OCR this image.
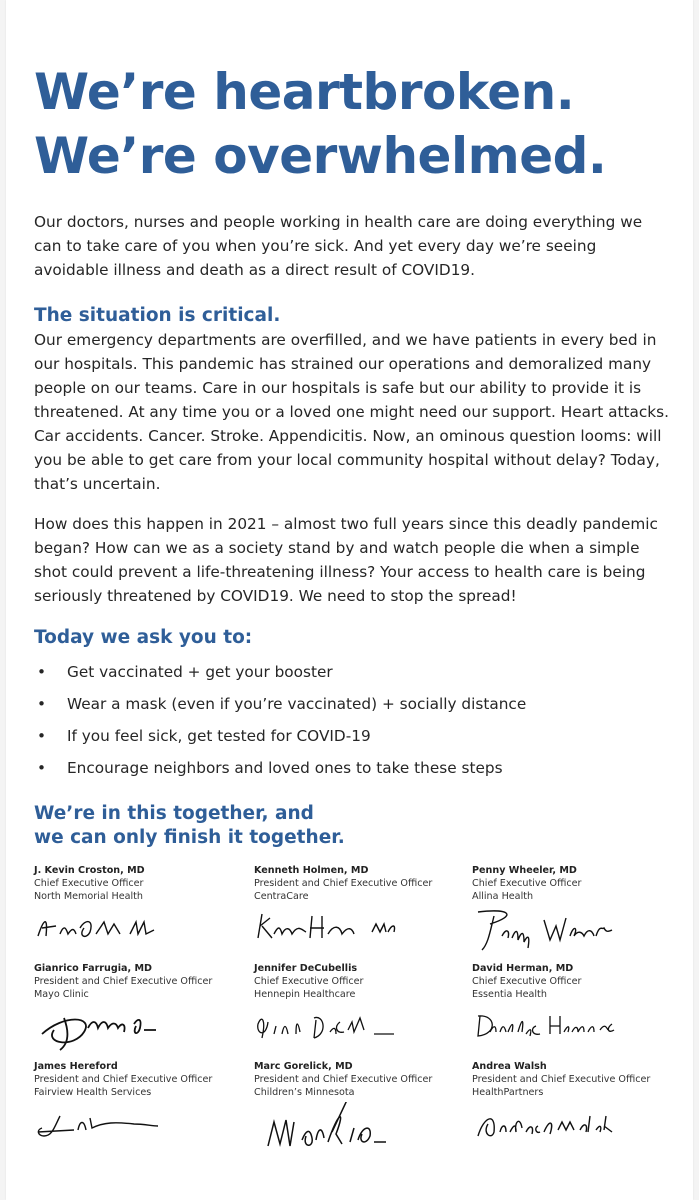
We’re heartbroken.
We’re overwhelmed.

Our doctors, nurses and people working in health care are doing everything we can to take care of you when you’re sick. And yet every day we’re seeing avoidable illness and death as a direct result of COVID19.

The situation is critical.

Our emergency departments are overfilled, and we have patients in every bed in our hospitals. This pandemic has strained our operations and demoralized many people on our teams. Care in our hospitals is safe but our ability to provide it is threatened. At any time you or a loved one might need our support. Heart attacks. Car accidents. Cancer. Stroke. Appendicitis. Now, an ominous question looms: will you be able to get care from your local community hospital without delay? Today, that’s uncertain.

How does this happen in 2021 – almost two full years since this deadly pandemic began? How can we as a society stand by and watch people die when a simple shot could prevent a life-threatening illness? Your access to health care is being seriously threatened by COVID19. We need to stop the spread!

Today we ask you to:
• Get vaccinated + get your booster
• Wear a mask (even if you’re vaccinated) + socially distance
• If you feel sick, get tested for COVID-19
• Encourage neighbors and loved ones to take these steps
We’re in this together, and
we can only finish it together.
J. Kevin Croston, MD
Chief Executive Officer
North Memorial Health
Kenneth Holmen, MD
President and Chief Executive Officer
CentraCare
Penny Wheeler, MD
Chief Executive Officer
Allina Health
Gianrico Farrugia, MD
President and Chief Executive Officer
Mayo Clinic
Jennifer DeCubellis
Chief Executive Officer
Hennepin Healthcare
David Herman, MD
Chief Executive Officer
Essentia Health
James Hereford
President and Chief Executive Officer
Fairview Health Services
Marc Gorelick, MD
President and Chief Executive Officer
Children’s Minnesota
Andrea Walsh
President and Chief Executive Officer
HealthPartners
